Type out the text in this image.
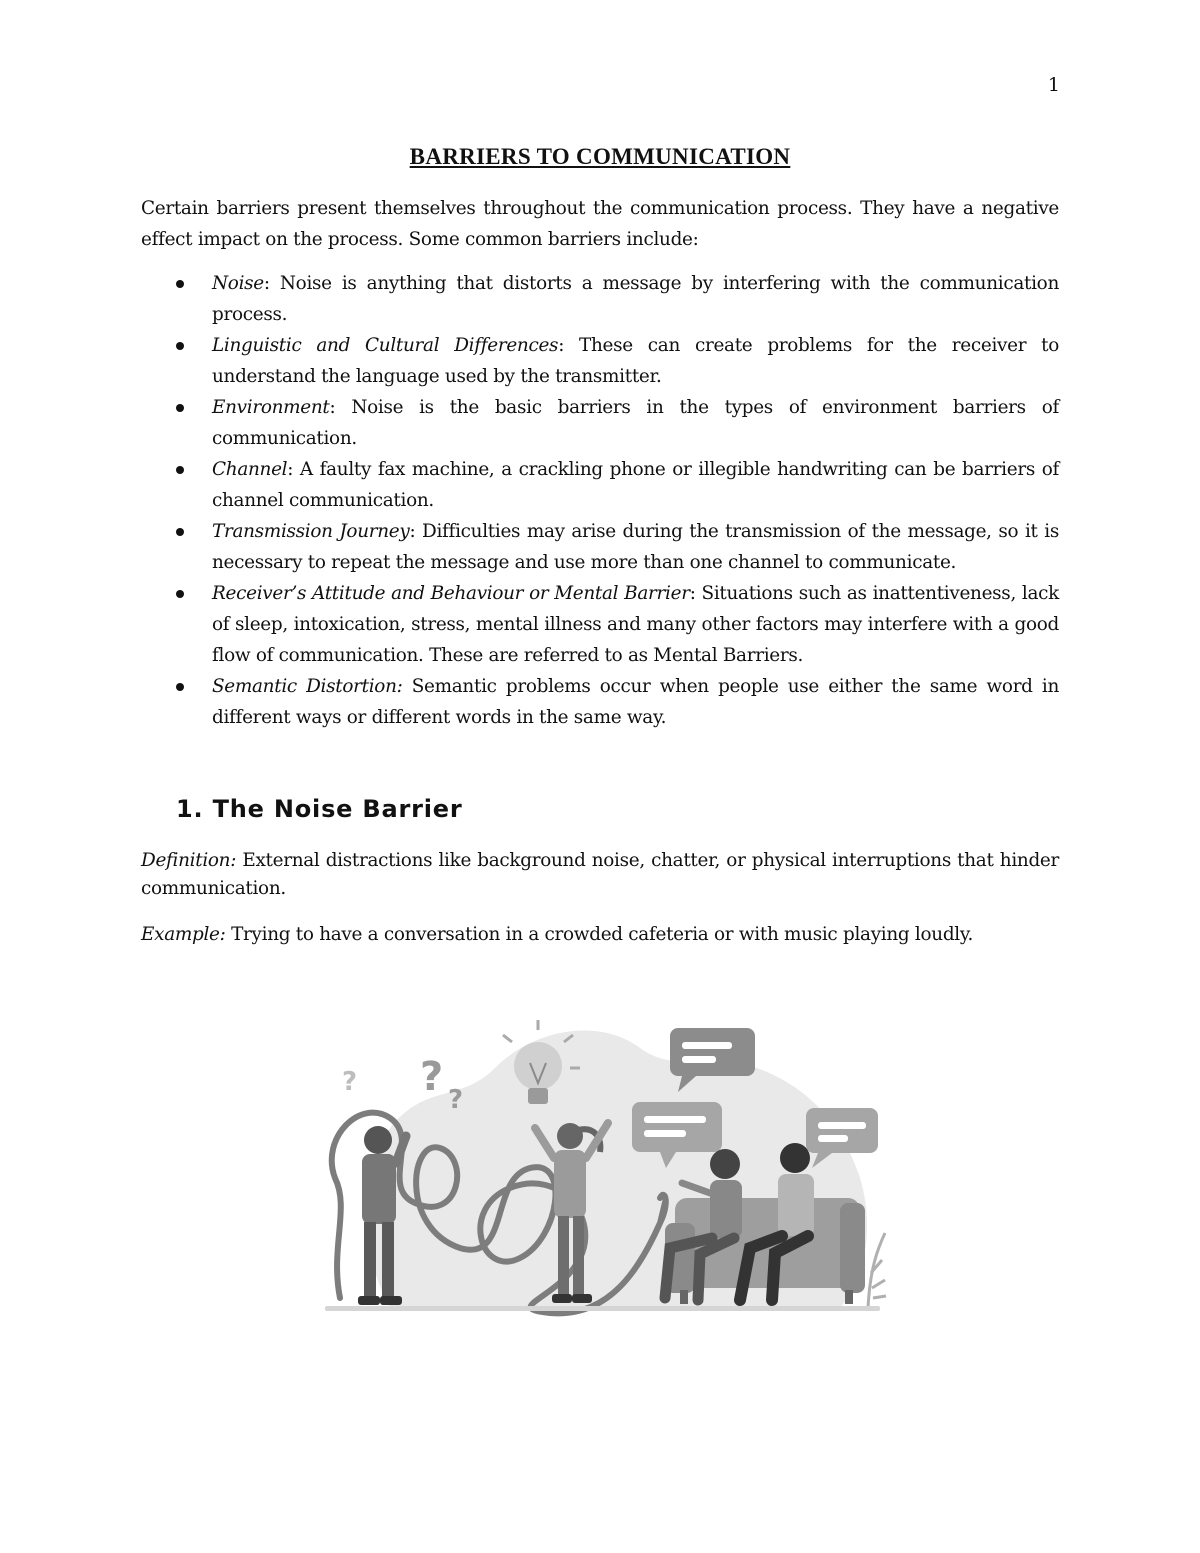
1
BARRIERS TO COMMUNICATION

Certain barriers present themselves throughout the communication process. They have a negative effect impact on the process. Some common barriers include:

Noise: Noise is anything that distorts a message by interfering with the communication process.
Linguistic and Cultural Differences: These can create problems for the receiver to understand the language used by the transmitter.
Environment: Noise is the basic barriers in the types of environment barriers of communication.
Channel: A faulty fax machine, a crackling phone or illegible handwriting can be barriers of channel communication.
Transmission Journey: Difficulties may arise during the transmission of the message, so it is necessary to repeat the message and use more than one channel to communicate.
Receiver’s Attitude and Behaviour or Mental Barrier: Situations such as inattentiveness, lack of sleep, intoxication, stress, mental illness and many other factors may interfere with a good flow of communication. These are referred to as Mental Barriers.
Semantic Distortion: Semantic problems occur when people use either the same word in different ways or different words in the same way.
1. The Noise Barrier

Definition: External distractions like background noise, chatter, or physical interruptions that hinder communication.

Example: Trying to have a conversation in a crowded cafeteria or with music playing loudly.

? ? ?
